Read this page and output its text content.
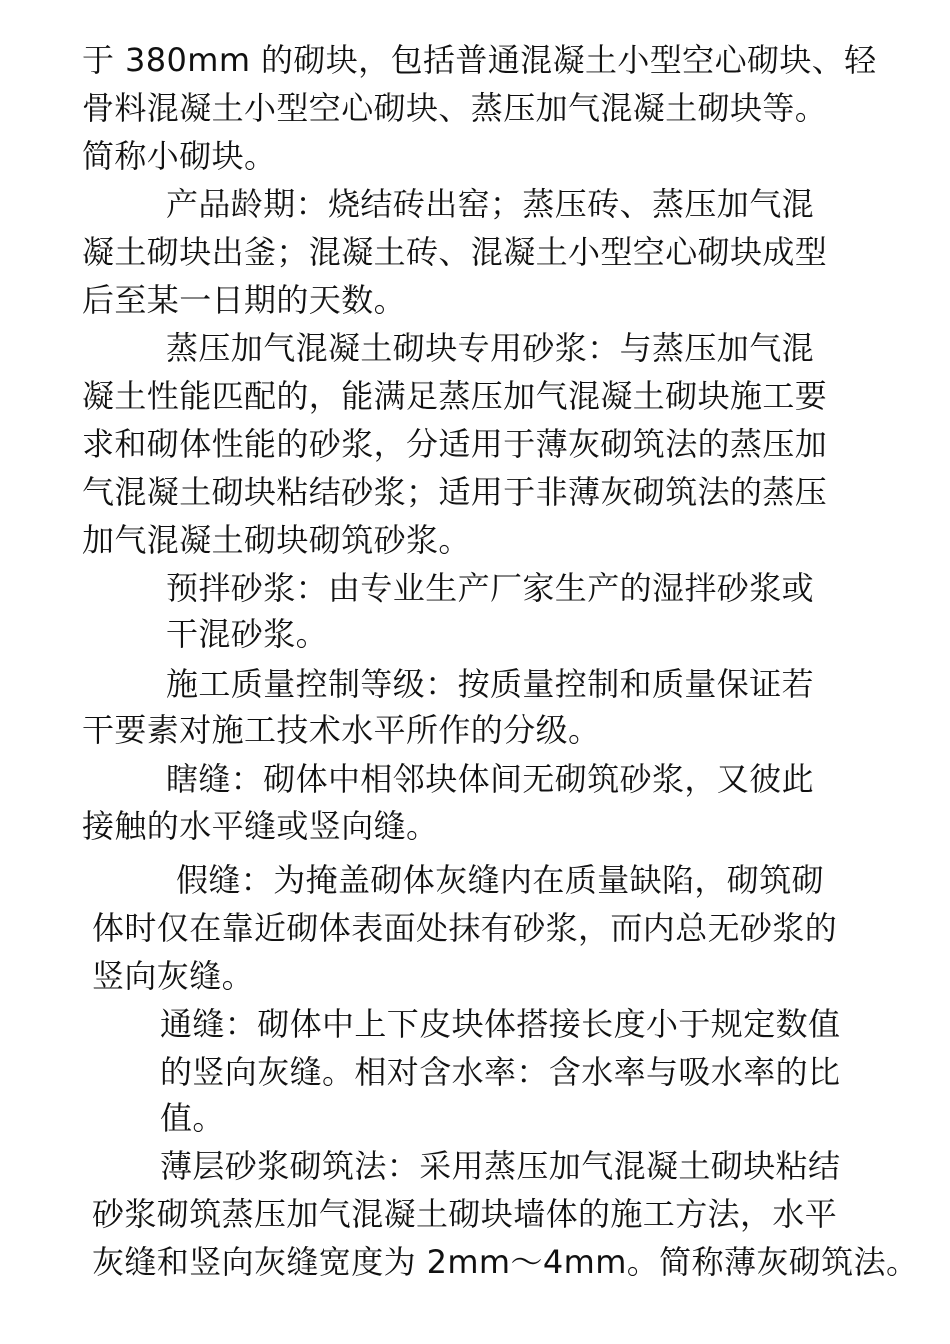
于 380mm 的砌块，包括普通混凝土小型空心砌块、轻
骨料混凝土小型空心砌块、蒸压加气混凝土砌块等。
简称小砌块。
产品龄期：烧结砖出窑；蒸压砖、蒸压加气混
凝土砌块出釜；混凝土砖、混凝土小型空心砌块成型
后至某一日期的天数。
蒸压加气混凝土砌块专用砂浆：与蒸压加气混
凝土性能匹配的，能满足蒸压加气混凝土砌块施工要
求和砌体性能的砂浆，分适用于薄灰砌筑法的蒸压加
气混凝土砌块粘结砂浆；适用于非薄灰砌筑法的蒸压
加气混凝土砌块砌筑砂浆。
预拌砂浆：由专业生产厂家生产的湿拌砂浆或
干混砂浆。
施工质量控制等级：按质量控制和质量保证若
干要素对施工技术水平所作的分级。
瞎缝：砌体中相邻块体间无砌筑砂浆，又彼此
接触的水平缝或竖向缝。
假缝：为掩盖砌体灰缝内在质量缺陷，砌筑砌
体时仅在靠近砌体表面处抹有砂浆，而内总无砂浆的
竖向灰缝。
通缝：砌体中上下皮块体搭接长度小于规定数值
的竖向灰缝。相对含水率：含水率与吸水率的比
值。
薄层砂浆砌筑法：采用蒸压加气混凝土砌块粘结
砂浆砌筑蒸压加气混凝土砌块墙体的施工方法，水平
灰缝和竖向灰缝宽度为 2mm～4mm。简称薄灰砌筑法。
